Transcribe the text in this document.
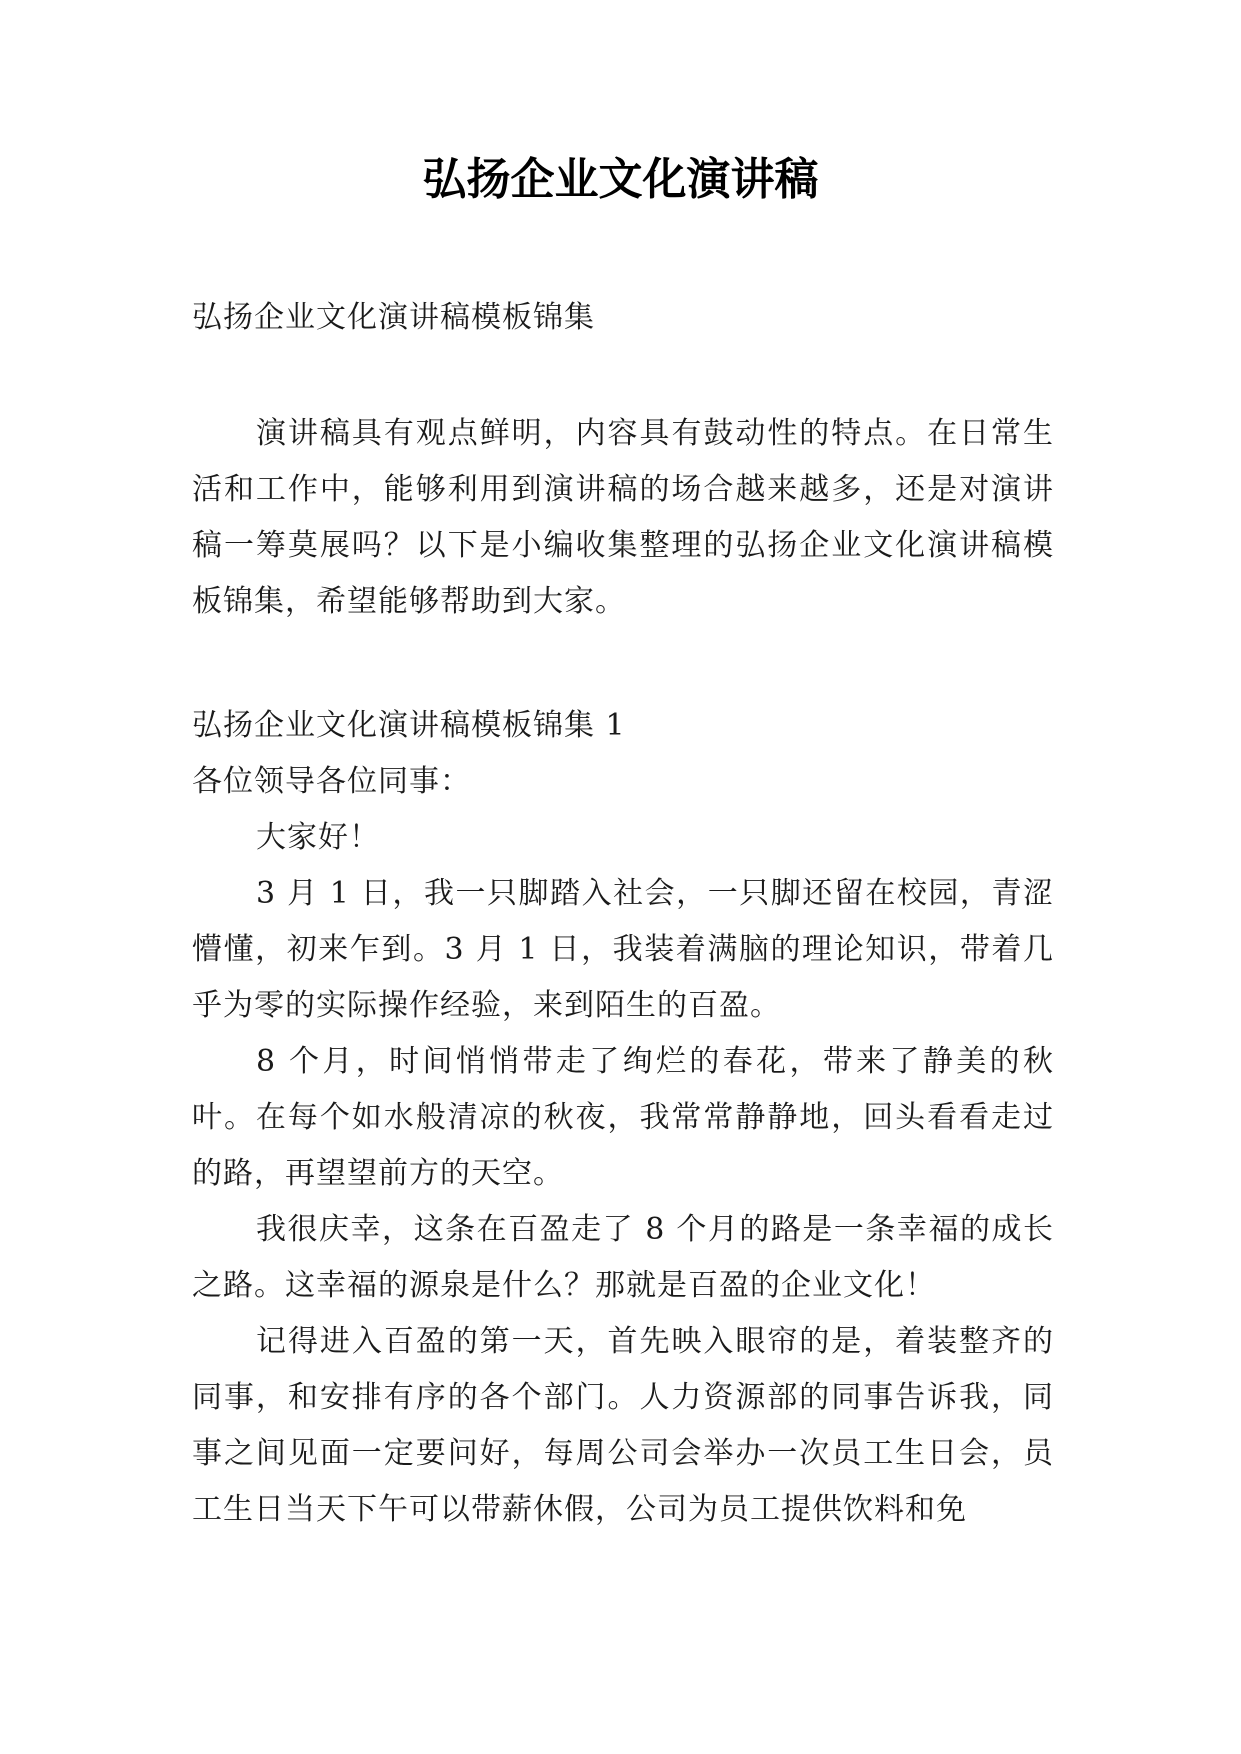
弘扬企业文化演讲稿

弘扬企业文化演讲稿模板锦集

演讲稿具有观点鲜明，内容具有鼓动性的特点。在日常生活和工作中，能够利用到演讲稿的场合越来越多，还是对演讲稿一筹莫展吗？以下是小编收集整理的弘扬企业文化演讲稿模板锦集，希望能够帮助到大家。

弘扬企业文化演讲稿模板锦集 1

各位领导各位同事：

大家好！

3 月 1 日，我一只脚踏入社会，一只脚还留在校园，青涩懵懂，初来乍到。3 月 1 日，我装着满脑的理论知识，带着几乎为零的实际操作经验，来到陌生的百盈。

8 个月，时间悄悄带走了绚烂的春花，带来了静美的秋叶。在每个如水般清凉的秋夜，我常常静静地，回头看看走过的路，再望望前方的天空。

我很庆幸，这条在百盈走了 8 个月的路是一条幸福的成长之路。这幸福的源泉是什么？那就是百盈的企业文化！

记得进入百盈的第一天，首先映入眼帘的是，着装整齐的同事，和安排有序的各个部门。人力资源部的同事告诉我，同事之间见面一定要问好，每周公司会举办一次员工生日会，员工生日当天下午可以带薪休假，公司为员工提供饮料和免
